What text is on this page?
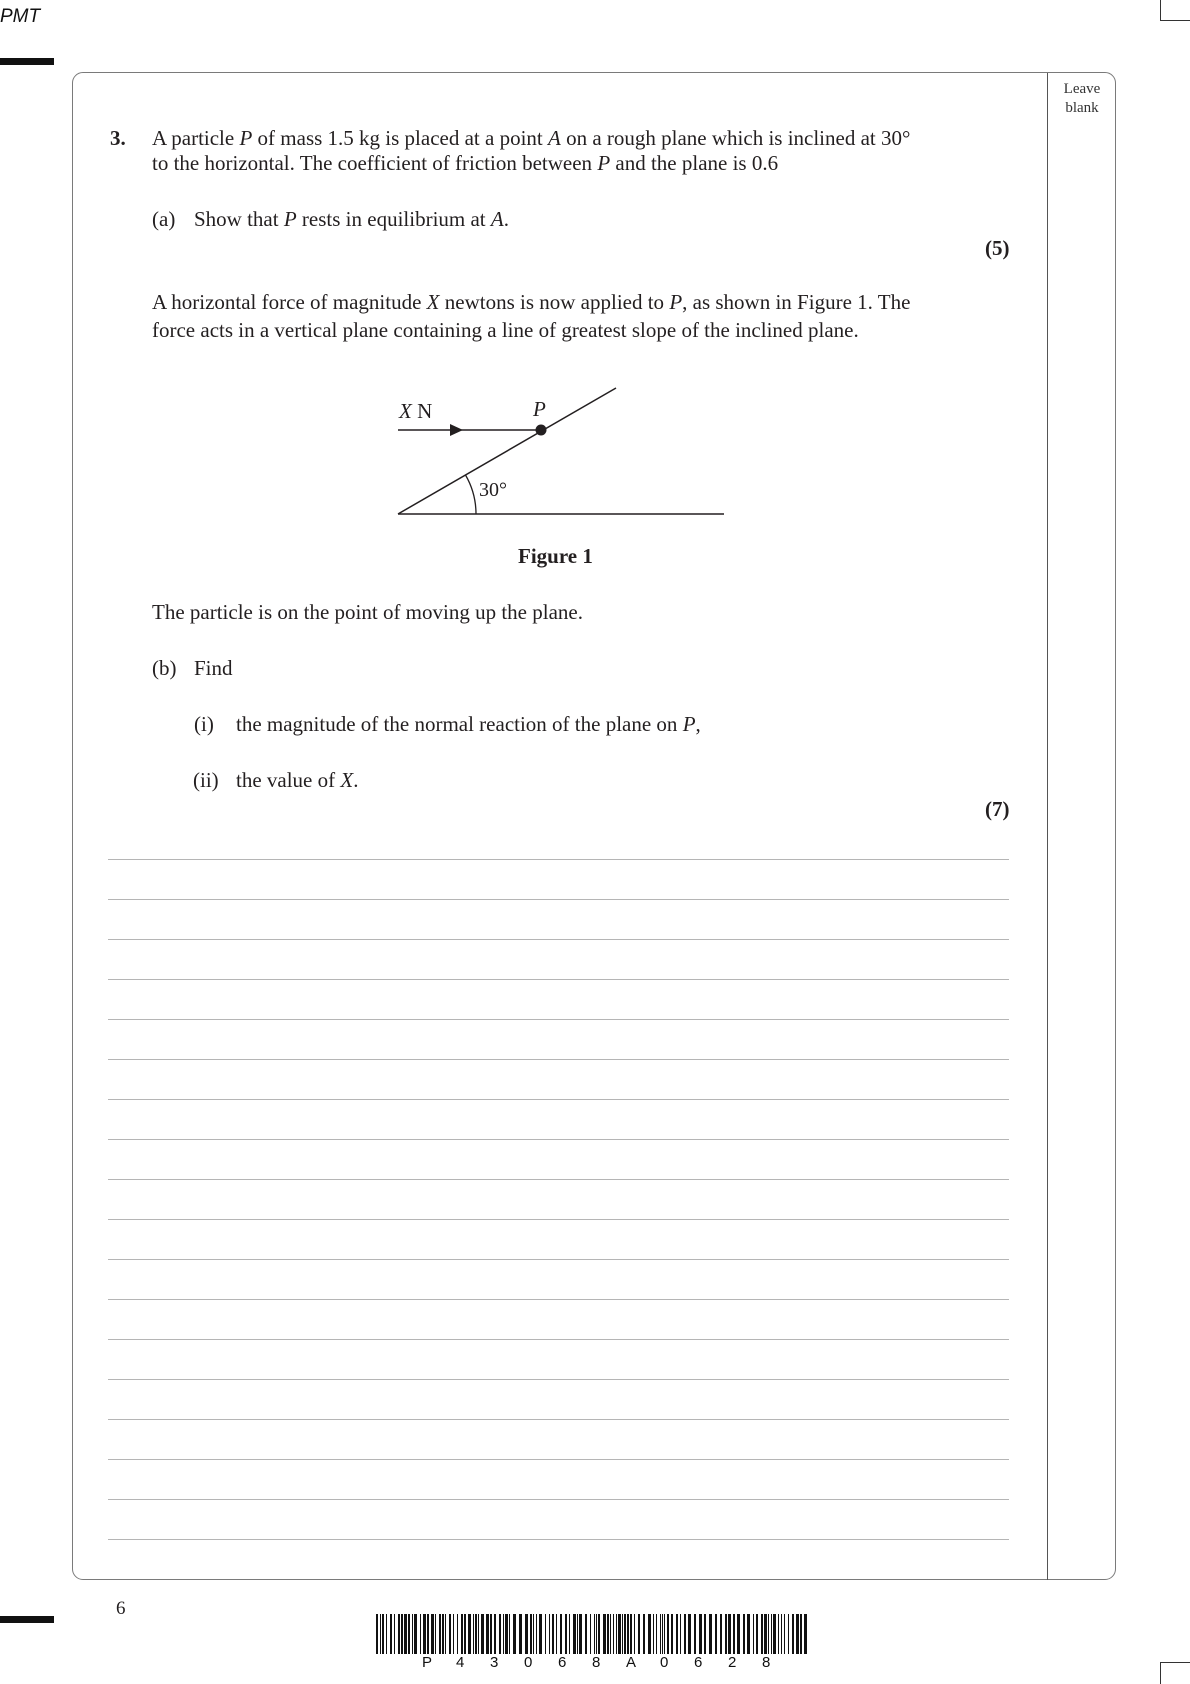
PMT
Leave
blank
3. A particle P of mass 1.5 kg is placed at a point A on a rough plane which is inclined at 30°
to the horizontal. The coefficient of friction between P and the plane is 0.6
(a) Show that P rests in equilibrium at A.
(5)
A horizontal force of magnitude X newtons is now applied to P, as shown in Figure 1. The
force acts in a vertical plane containing a line of greatest slope of the inclined plane.
X N	P
30°
Figure 1
The particle is on the point of moving up the plane.
(b) Find
(i) the magnitude of the normal reaction of the plane on P,
(ii) the value of X.
(7)
6
P 4 3 0 6 8 A 0 6 2 8
